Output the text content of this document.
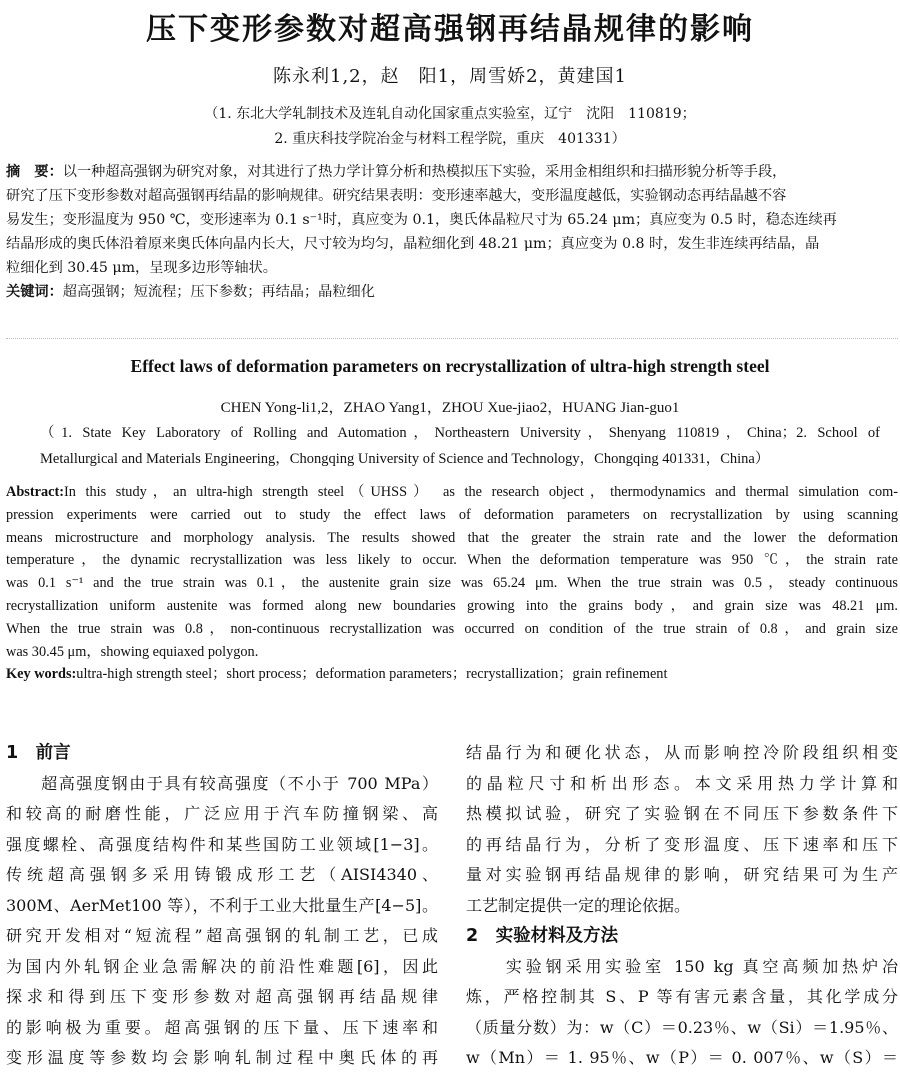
压下变形参数对超高强钢再结晶规律的影响
陈永利1,2，赵　阳1，周雪娇2，黄建国1
（1. 东北大学轧制技术及连轧自动化国家重点实验室，辽宁　沈阳　110819；
2. 重庆科技学院冶金与材料工程学院，重庆　401331）
摘　要：以一种超高强钢为研究对象，对其进行了热力学计算分析和热模拟压下实验，采用金相组织和扫描形貌分析等手段，
研究了压下变形参数对超高强钢再结晶的影响规律。研究结果表明：变形速率越大，变形温度越低，实验钢动态再结晶越不容
易发生；变形温度为 950 ℃，变形速率为 0.1 s⁻¹时，真应变为 0.1，奥氏体晶粒尺寸为 65.24 μm；真应变为 0.5 时，稳态连续再
结晶形成的奥氏体沿着原来奥氏体向晶内长大，尺寸较为均匀，晶粒细化到 48.21 μm；真应变为 0.8 时，发生非连续再结晶，晶
粒细化到 30.45 μm，呈现多边形等轴状。
关键词：超高强钢；短流程；压下参数；再结晶；晶粒细化
Effect laws of deformation parameters on recrystallization of ultra-high strength steel
CHEN Yong-li1,2，ZHAO Yang1，ZHOU Xue-jiao2，HUANG Jian-guo1
（1. State Key Laboratory of Rolling and Automation，Northeastern University，Shenyang 110819，China；2. School of
Metallurgical and Materials Engineering，Chongqing University of Science and Technology，Chongqing 401331，China）
Abstract:In this study，an ultra-high strength steel（UHSS） as the research object，thermodynamics and thermal simulation com-
pression experiments were carried out to study the effect laws of deformation parameters on recrystallization by using scanning
means microstructure and morphology analysis. The results showed that the greater the strain rate and the lower the deformation
temperature，the dynamic recrystallization was less likely to occur. When the deformation temperature was 950 ℃，the strain rate
was 0.1 s⁻¹ and the true strain was 0.1，the austenite grain size was 65.24 μm. When the true strain was 0.5，steady continuous
recrystallization uniform austenite was formed along new boundaries growing into the grains body，and grain size was 48.21 μm.
When the true strain was 0.8，non-continuous recrystallization was occurred on condition of the true strain of 0.8，and grain size
was 30.45 μm，showing equiaxed polygon.
Key words:ultra-high strength steel；short process；deformation parameters；recrystallization；grain refinement
1　前言
　　超高强度钢由于具有较高强度（不小于 700 MPa）
和较高的耐磨性能，广泛应用于汽车防撞钢梁、高
强度螺栓、高强度结构件和某些国防工业领域[1−3]。
传统超高强钢多采用铸锻成形工艺（AISI4340、
300M、AerMet100 等），不利于工业大批量生产[4−5]。
研究开发相对“短流程”超高强钢的轧制工艺，已成
为国内外轧钢企业急需解决的前沿性难题[6]，因此
探求和得到压下变形参数对超高强钢再结晶规律
的影响极为重要。超高强钢的压下量、压下速率和
变形温度等参数均会影响轧制过程中奥氏体的再
结晶行为和硬化状态，从而影响控冷阶段组织相变
的晶粒尺寸和析出形态。本文采用热力学计算和
热模拟试验，研究了实验钢在不同压下参数条件下
的再结晶行为，分析了变形温度、压下速率和压下
量对实验钢再结晶规律的影响，研究结果可为生产
工艺制定提供一定的理论依据。
2　实验材料及方法
　　实验钢采用实验室 150 kg 真空高频加热炉冶
炼，严格控制其 S、P 等有害元素含量，其化学成分
（质量分数）为：w（C）＝0.23％、w（Si）＝1.95％、
w（Mn）＝ 1. 95％、w（P）＝ 0. 007％、w（S）＝
